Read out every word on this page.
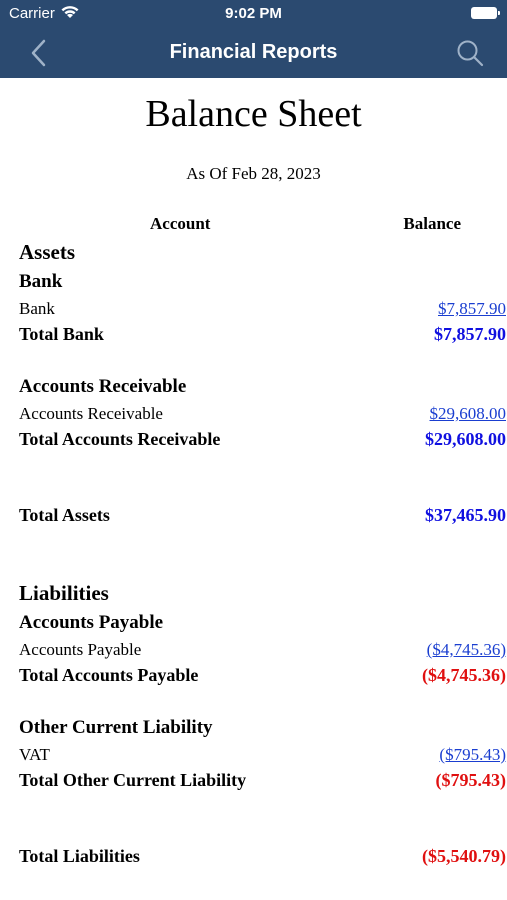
Carrier	9:02 PM
Financial Reports
Balance Sheet
As Of Feb 28, 2023
Account	Balance
Assets
Bank
Bank	$7,857.90
Total Bank	$7,857.90
Accounts Receivable
Accounts Receivable	$29,608.00
Total Accounts Receivable	$29,608.00
Total Assets	$37,465.90
Liabilities
Accounts Payable
Accounts Payable	($4,745.36)
Total Accounts Payable	($4,745.36)
Other Current Liability
VAT	($795.43)
Total Other Current Liability	($795.43)
Total Liabilities	($5,540.79)
